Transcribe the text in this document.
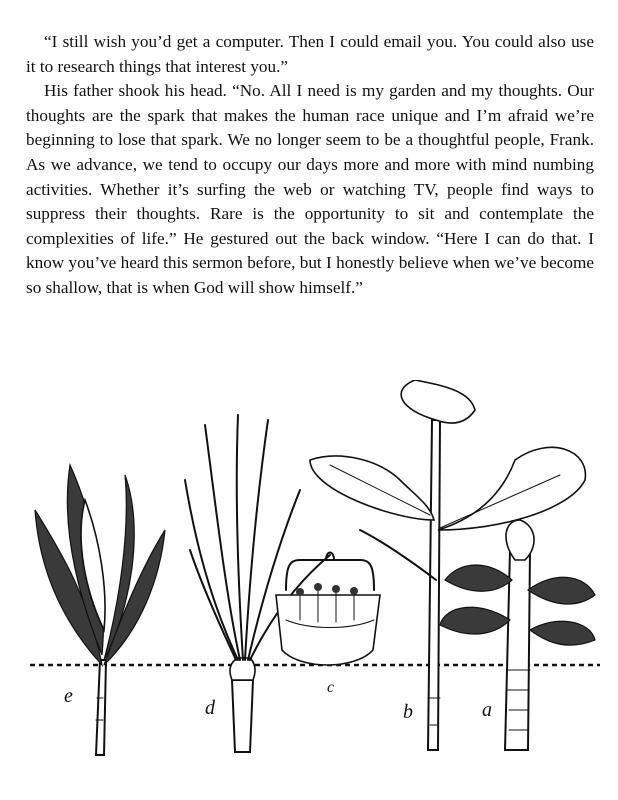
“I still wish you’d get a computer. Then I could email you. You could also use it to research things that interest you.”

His father shook his head. “No. All I need is my garden and my thoughts. Our thoughts are the spark that makes the human race unique and I’m afraid we’re beginning to lose that spark. We no longer seem to be a thoughtful people, Frank. As we advance, we tend to occupy our days more and more with mind numbing activities. Whether it’s surfing the web or watching TV, people find ways to suppress their thoughts. Rare is the opportunity to sit and contemplate the complexities of life.” He gestured out the back window. “Here I can do that. I know you’ve heard this sermon before, but I honestly believe when we’ve become so shallow, that is when God will show himself.”

e
d
c
b	a
